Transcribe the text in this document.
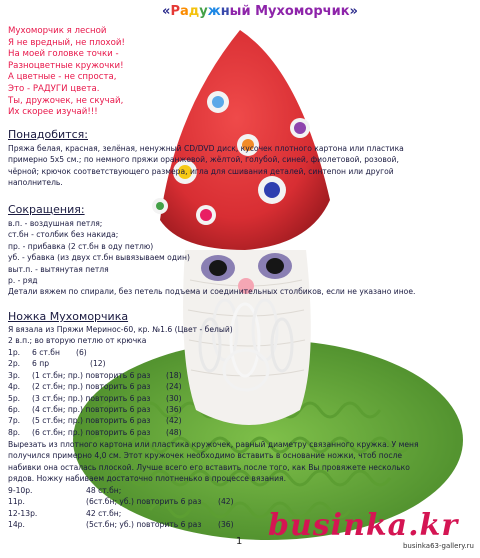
«Радужный Мухоморчик»
Мухоморчик я лесной
Я не вредный, не плохой!
На моей головке точки -
Разноцветные кружочки!
А цветные - не спроста,
Это - РАДУГИ цвета.
Ты, дружочек, не скучай,
Их скорее изучай!!!
Понадобится:
Пряжа белая, красная, зелёная, ненужный CD/DVD диск, кусочек плотного картона или пластика
примерно 5х5 см.; по немного пряжи оранжевой, жёлтой, голубой, синей, фиолетовой, розовой,
чёрной; крючок соответствующего размера, игла для сшивания деталей, синтепон или другой
наполнитель.
Сокращения:
в.п. - воздушная петля;
ст.бн - столбик без накида;
пр. - прибавка (2 ст.бн в оду петлю)
уб. - убавка (из двух ст.бн вывязываем один)
выт.п. - вытянутая петля
р. - ряд
Детали вяжем по спирали, без петель подъема и соединительных столбиков, если не указано иное.
Ножка Мухоморчика
Я вязала из Пряжи Меринос-60, кр. №1.6 (Цвет - белый)
2 в.п.; во вторую петлю от крючка
1р. 6 ст.бн (6)
2р. 6 пр	(12)
3р. (1 ст.бн; пр.) повторить 6 раз (18)
4р. (2 ст.бн; пр.) повторить 6 раз (24)
5р. (3 ст.бн; пр.) повторить 6 раз (30)
6р. (4 ст.бн; пр.) повторить 6 раз (36)
7р. (5 ст.бн; пр.) повторить 6 раз (42)
8р. (6 ст.бн; пр.) повторить 6 раз (48)
Вырезать из плотного картона или пластика кружочек, равный диаметру связанного кружка. У меня
получился примерно 4,0 см. Этот кружочек необходимо вставить в основание ножки, чтоб после
набивки она осталась плоской. Лучше всего его вставить после того, как Вы провяжете несколько
рядов. Ножку набиваем достаточно плотненько в процессе вязания.
9-10р.	48 ст.бн;
11р.	(6ст.бн; уб.) повторить 6 раз (42)
12-13р.	42 ст.бн;
14р.	(5ст.бн; уб.) повторить 6 раз (36) businka.kr
1	businka63-gallery.ru
